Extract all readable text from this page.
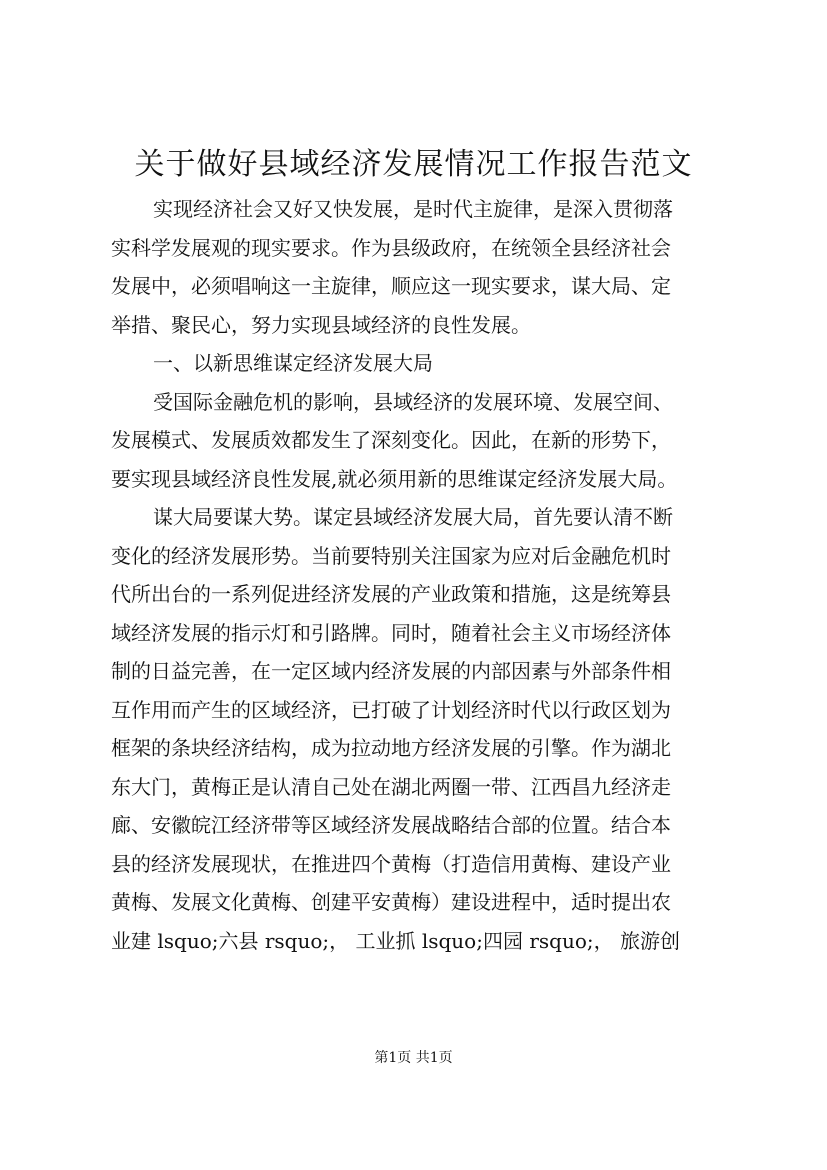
关于做好县域经济发展情况工作报告范文
实现经济社会又好又快发展，是时代主旋律，是深入贯彻落
实科学发展观的现实要求。作为县级政府，在统领全县经济社会
发展中，必须唱响这一主旋律，顺应这一现实要求，谋大局、定
举措、聚民心，努力实现县域经济的良性发展。
一、以新思维谋定经济发展大局
受国际金融危机的影响，县域经济的发展环境、发展空间、
发展模式、发展质效都发生了深刻变化。因此，在新的形势下，
要实现县域经济良性发展,就必须用新的思维谋定经济发展大局。
谋大局要谋大势。谋定县域经济发展大局，首先要认清不断
变化的经济发展形势。当前要特别关注国家为应对后金融危机时
代所出台的一系列促进经济发展的产业政策和措施，这是统筹县
域经济发展的指示灯和引路牌。同时，随着社会主义市场经济体
制的日益完善，在一定区域内经济发展的内部因素与外部条件相
互作用而产生的区域经济，已打破了计划经济时代以行政区划为
框架的条块经济结构，成为拉动地方经济发展的引擎。作为湖北
东大门，黄梅正是认清自己处在湖北两圈一带、江西昌九经济走
廊、安徽皖江经济带等区域经济发展战略结合部的位置。结合本
县的经济发展现状，在推进四个黄梅（打造信用黄梅、建设产业
黄梅、发展文化黄梅、创建平安黄梅）建设进程中，适时提出农
业建 lsquo;六县 rsquo;， 工业抓 lsquo;四园 rsquo;， 旅游创
第1页 共1页
